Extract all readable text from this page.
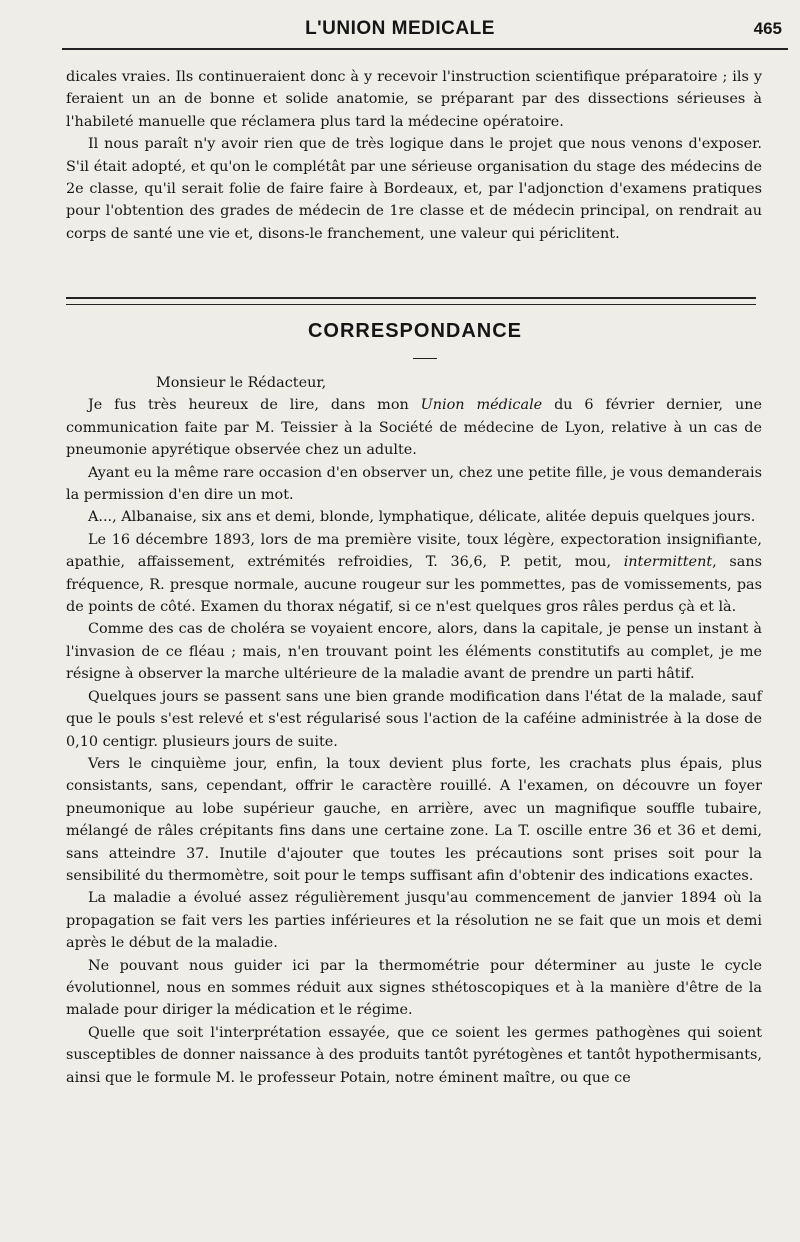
L'UNION MEDICALE	465

dicales vraies. Ils continueraient donc à y recevoir l'instruction scientifique préparatoire ; ils y feraient un an de bonne et solide anatomie, se préparant par des dissections sérieuses à l'habileté manuelle que réclamera plus tard la médecine opératoire.

Il nous paraît n'y avoir rien que de très logique dans le projet que nous venons d'exposer. S'il était adopté, et qu'on le complétât par une sérieuse organisation du stage des médecins de 2e classe, qu'il serait folie de faire faire à Bordeaux, et, par l'adjonction d'examens pratiques pour l'obtention des grades de médecin de 1re classe et de médecin principal, on rendrait au corps de santé une vie et, disons-le franchement, une valeur qui périclitent.

CORRESPONDANCE

Monsieur le Rédacteur,

Je fus très heureux de lire, dans mon Union médicale du 6 février dernier, une communication faite par M. Teissier à la Société de médecine de Lyon, relative à un cas de pneumonie apyrétique observée chez un adulte.

Ayant eu la même rare occasion d'en observer un, chez une petite fille, je vous demanderais la permission d'en dire un mot.

A..., Albanaise, six ans et demi, blonde, lymphatique, délicate, alitée depuis quelques jours.

Le 16 décembre 1893, lors de ma première visite, toux légère, expectoration insignifiante, apathie, affaissement, extrémités refroidies, T. 36,6, P. petit, mou, intermittent, sans fréquence, R. presque normale, aucune rougeur sur les pommettes, pas de vomissements, pas de points de côté. Examen du thorax négatif, si ce n'est quelques gros râles perdus çà et là.

Comme des cas de choléra se voyaient encore, alors, dans la capitale, je pense un instant à l'invasion de ce fléau ; mais, n'en trouvant point les éléments constitutifs au complet, je me résigne à observer la marche ultérieure de la maladie avant de prendre un parti hâtif.

Quelques jours se passent sans une bien grande modification dans l'état de la malade, sauf que le pouls s'est relevé et s'est régularisé sous l'action de la caféine administrée à la dose de 0,10 centigr. plusieurs jours de suite.

Vers le cinquième jour, enfin, la toux devient plus forte, les crachats plus épais, plus consistants, sans, cependant, offrir le caractère rouillé. A l'examen, on découvre un foyer pneumonique au lobe supérieur gauche, en arrière, avec un magnifique souffle tubaire, mélangé de râles crépitants fins dans une certaine zone. La T. oscille entre 36 et 36 et demi, sans atteindre 37. Inutile d'ajouter que toutes les précautions sont prises soit pour la sensibilité du thermomètre, soit pour le temps suffisant afin d'obtenir des indications exactes.

La maladie a évolué assez régulièrement jusqu'au commencement de janvier 1894 où la propagation se fait vers les parties inférieures et la résolution ne se fait que un mois et demi après le début de la maladie.

Ne pouvant nous guider ici par la thermométrie pour déterminer au juste le cycle évolutionnel, nous en sommes réduit aux signes sthétoscopiques et à la manière d'être de la malade pour diriger la médication et le régime.

Quelle que soit l'interprétation essayée, que ce soient les germes pathogènes qui soient susceptibles de donner naissance à des produits tantôt pyrétogènes et tantôt hypothermisants, ainsi que le formule M. le professeur Potain, notre éminent maître, ou que ce
